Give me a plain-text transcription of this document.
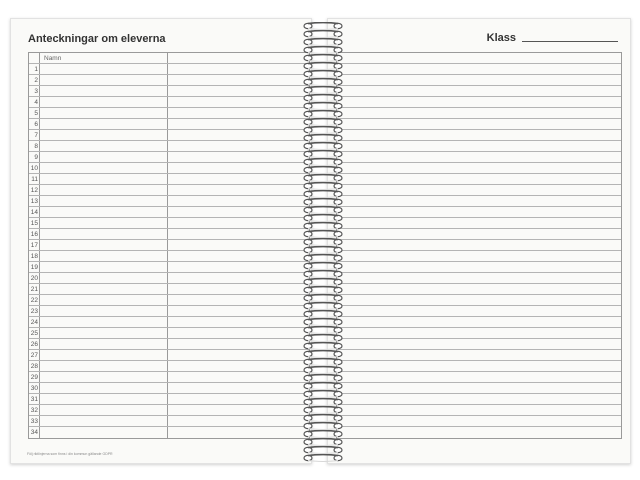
Anteckningar om eleverna
Namn
1
2
3
4
5
6
7
8
9
10
11
12
13
14
15
16
17
18
19
20
21
22
23
24
25
26
27
28
29
30
31
32
33
34
Följ riktlinjerna som finns i din kommun gällande GDPR
Klass
